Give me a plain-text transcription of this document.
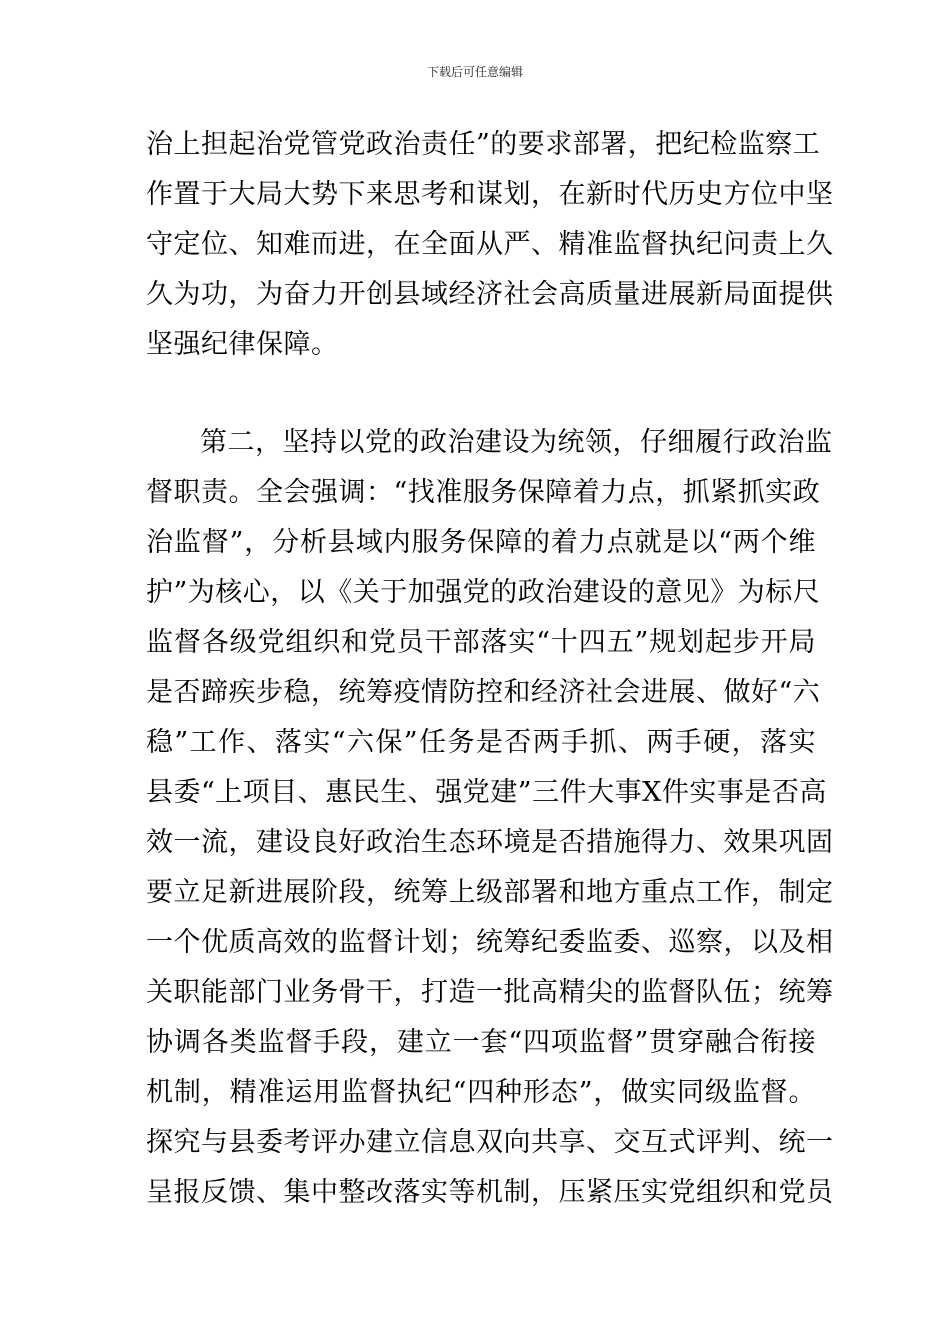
下载后可任意编辑
治上担起治党管党政治责任”的要求部署，把纪检监察工
作置于大局大势下来思考和谋划，在新时代历史方位中坚
守定位、知难而进，在全面从严、精准监督执纪问责上久
久为功，为奋力开创县域经济社会高质量进展新局面提供
坚强纪律保障。
第二，坚持以党的政治建设为统领，仔细履行政治监
督职责。全会强调：“找准服务保障着力点，抓紧抓实政
治监督”，分析县域内服务保障的着力点就是以“两个维
护”为核心，以《关于加强党的政治建设的意见》为标尺
监督各级党组织和党员干部落实“十四五”规划起步开局
是否蹄疾步稳，统筹疫情防控和经济社会进展、做好“六
稳”工作、落实“六保”任务是否两手抓、两手硬，落实
县委“上项目、惠民生、强党建”三件大事X件实事是否高
效一流，建设良好政治生态环境是否措施得力、效果巩固
要立足新进展阶段，统筹上级部署和地方重点工作，制定
一个优质高效的监督计划；统筹纪委监委、巡察，以及相
关职能部门业务骨干，打造一批高精尖的监督队伍；统筹
协调各类监督手段，建立一套“四项监督”贯穿融合衔接
机制，精准运用监督执纪“四种形态”，做实同级监督。
探究与县委考评办建立信息双向共享、交互式评判、统一
呈报反馈、集中整改落实等机制，压紧压实党组织和党员
